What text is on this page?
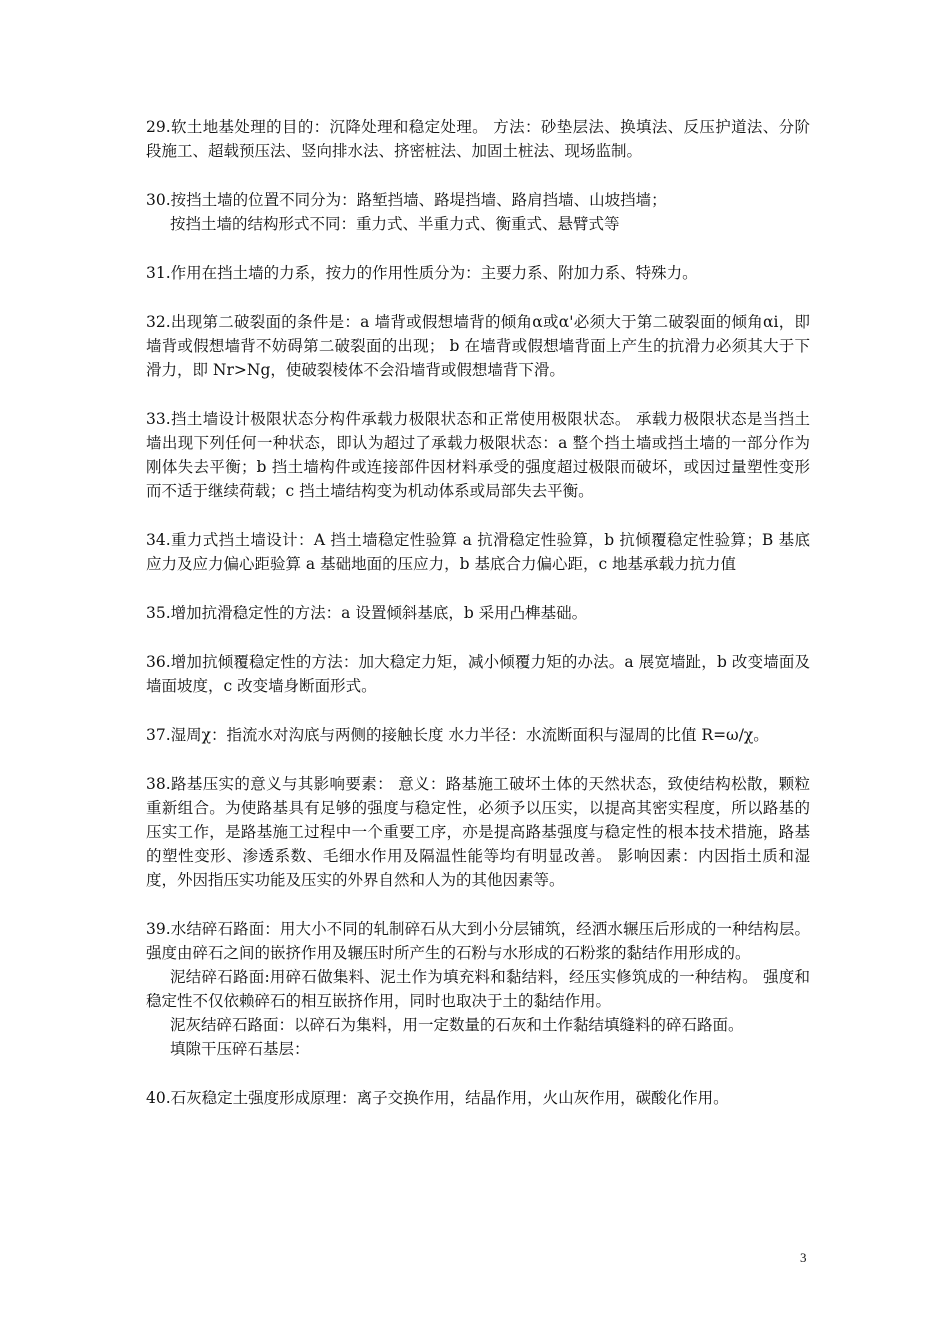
29.软土地基处理的目的：沉降处理和稳定处理。 方法：砂垫层法、换填法、反压护道法、分阶段施工、超载预压法、竖向排水法、挤密桩法、加固土桩法、现场监制。

30.按挡土墙的位置不同分为：路堑挡墙、路堤挡墙、路肩挡墙、山坡挡墙；

按挡土墙的结构形式不同：重力式、半重力式、衡重式、悬臂式等

31.作用在挡土墙的力系，按力的作用性质分为：主要力系、附加力系、特殊力。

32.出现第二破裂面的条件是：a 墙背或假想墙背的倾角α或α'必须大于第二破裂面的倾角αi，即墙背或假想墙背不妨碍第二破裂面的出现； b 在墙背或假想墙背面上产生的抗滑力必须其大于下滑力，即 Nr>Ng，使破裂棱体不会沿墙背或假想墙背下滑。

33.挡土墙设计极限状态分构件承载力极限状态和正常使用极限状态。 承载力极限状态是当挡土墙出现下列任何一种状态，即认为超过了承载力极限状态：a 整个挡土墙或挡土墙的一部分作为刚体失去平衡；b 挡土墙构件或连接部件因材料承受的强度超过极限而破坏，或因过量塑性变形而不适于继续荷载；c 挡土墙结构变为机动体系或局部失去平衡。

34.重力式挡土墙设计：A 挡土墙稳定性验算 a 抗滑稳定性验算，b 抗倾覆稳定性验算；B 基底应力及应力偏心距验算 a 基础地面的压应力，b 基底合力偏心距，c 地基承载力抗力值

35.增加抗滑稳定性的方法：a 设置倾斜基底，b 采用凸榫基础。

36.增加抗倾覆稳定性的方法：加大稳定力矩，减小倾覆力矩的办法。a 展宽墙趾，b 改变墙面及墙面坡度，c 改变墙身断面形式。

37.湿周χ：指流水对沟底与两侧的接触长度 水力半径：水流断面积与湿周的比值 R=ω/χ。

38.路基压实的意义与其影响要素： 意义：路基施工破坏土体的天然状态，致使结构松散，颗粒重新组合。为使路基具有足够的强度与稳定性，必须予以压实，以提高其密实程度，所以路基的压实工作，是路基施工过程中一个重要工序，亦是提高路基强度与稳定性的根本技术措施，路基的塑性变形、渗透系数、毛细水作用及隔温性能等均有明显改善。 影响因素：内因指土质和湿度，外因指压实功能及压实的外界自然和人为的其他因素等。

39.水结碎石路面：用大小不同的轧制碎石从大到小分层铺筑，经洒水辗压后形成的一种结构层。 强度由碎石之间的嵌挤作用及辗压时所产生的石粉与水形成的石粉浆的黏结作用形成的。

泥结碎石路面:用碎石做集料、泥土作为填充料和黏结料，经压实修筑成的一种结构。 强度和稳定性不仅依赖碎石的相互嵌挤作用，同时也取决于土的黏结作用。

泥灰结碎石路面：以碎石为集料，用一定数量的石灰和土作黏结填缝料的碎石路面。

填隙干压碎石基层：

40.石灰稳定土强度形成原理：离子交换作用，结晶作用，火山灰作用，碳酸化作用。

3
